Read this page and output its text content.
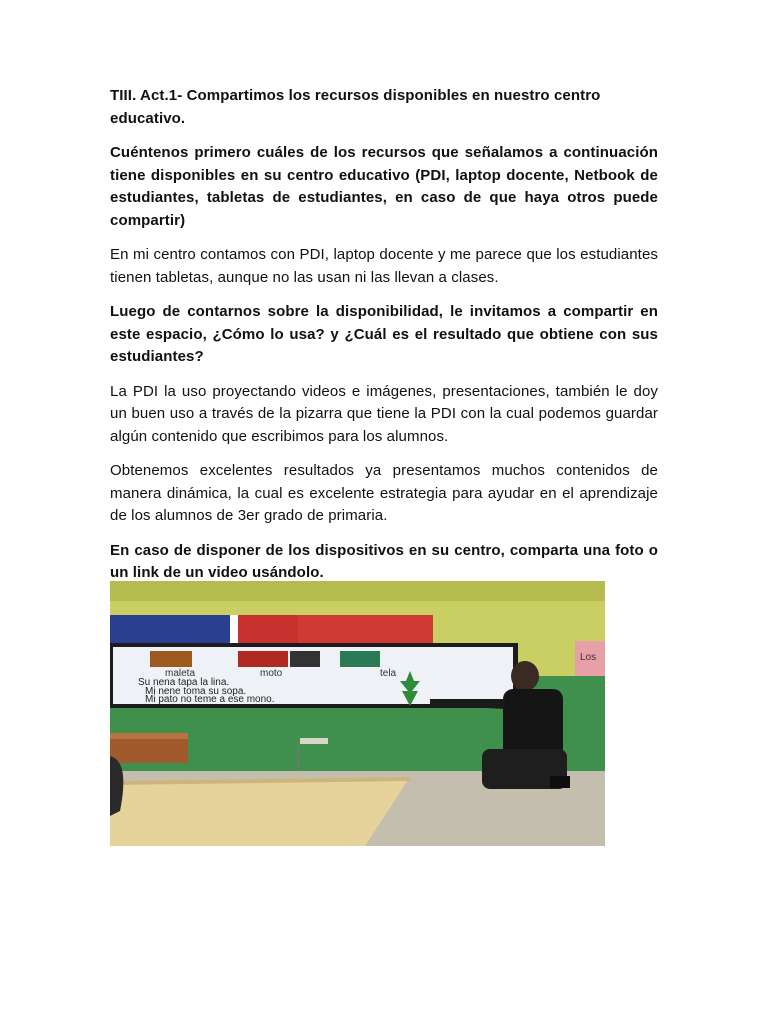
TIII. Act.1- Compartimos los recursos disponibles en nuestro centro educativo.

Cuéntenos primero cuáles de los recursos que señalamos a continuación tiene disponibles en su centro educativo (PDI, laptop docente, Netbook de estudiantes, tabletas de estudiantes, en caso de que haya otros puede compartir)

En mi centro contamos con PDI, laptop docente y me parece que los estudiantes tienen tabletas, aunque no las usan ni las llevan a clases.

Luego de contarnos sobre la disponibilidad, le invitamos a compartir en este espacio, ¿Cómo lo usa? y ¿Cuál es el resultado que obtiene con sus estudiantes?

La PDI la uso proyectando videos e imágenes, presentaciones, también le doy un buen uso a través de la pizarra que tiene la PDI con la cual podemos guardar algún contenido que escribimos para los alumnos.

Obtenemos excelentes resultados ya presentamos muchos contenidos de manera dinámica, la cual es excelente estrategia para ayudar en el aprendizaje de los alumnos de 3er grado de primaria.

En caso de disponer de los dispositivos en su centro, comparta una foto o un link de un video usándolo.

Los
maleta	moto	tela
Su nena tapa la lina.
Mi nene toma su sopa.
Mi pato no teme a ese mono.
